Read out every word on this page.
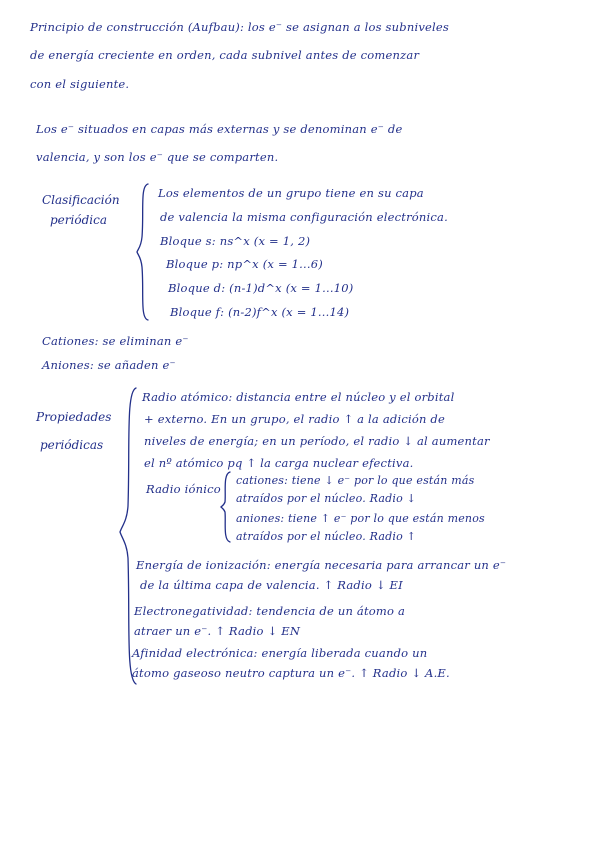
Principio de construcción (Aufbau): los e⁻ se asignan a los subniveles
de energía creciente en orden, cada subnivel antes de comenzar
con el siguiente.
Los e⁻ situados en capas más externas y se denominan e⁻ de
valencia, y son los e⁻ que se comparten.
Clasificación
periódica
Los elementos de un grupo tiene en su capa
de valencia la misma configuración electrónica.
Bloque s: ns^x (x = 1, 2)
Bloque p: np^x (x = 1...6)
Bloque d: (n-1)d^x (x = 1...10)
Bloque f: (n-2)f^x (x = 1...14)
Cationes: se eliminan e⁻
Aniones: se añaden e⁻
Propiedades
periódicas
Radio atómico: distancia entre el núcleo y el orbital
+ externo. En un grupo, el radio ↑ a la adición de
niveles de energía; en un período, el radio ↓ al aumentar
el nº atómico pq ↑ la carga nuclear efectiva.
Radio iónico
cationes: tiene ↓ e⁻ por lo que están más
atraídos por el núcleo. Radio ↓
aniones: tiene ↑ e⁻ por lo que están menos
atraídos por el núcleo. Radio ↑
Energía de ionización: energía necesaria para arrancar un e⁻
de la última capa de valencia. ↑ Radio ↓ EI
Electronegatividad: tendencia de un átomo a
atraer un e⁻. ↑ Radio ↓ EN
Afinidad electrónica: energía liberada cuando un
átomo gaseoso neutro captura un e⁻. ↑ Radio ↓ A.E.
